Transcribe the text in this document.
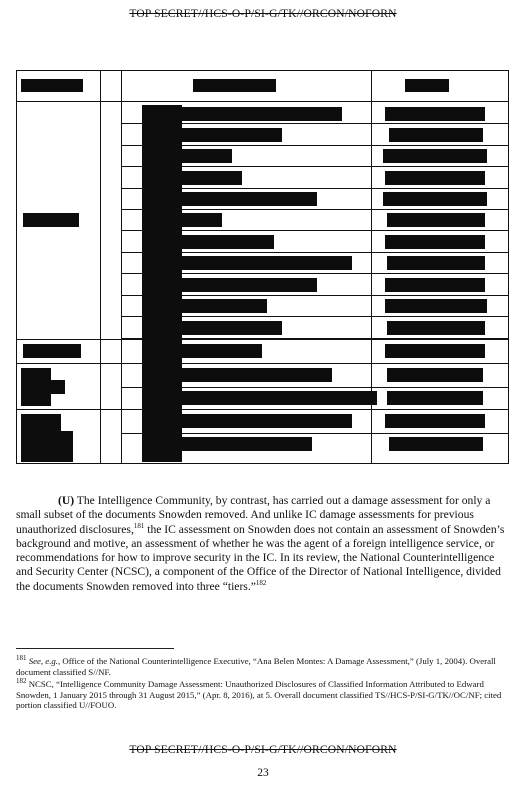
TOP SECRET//HCS-O-P/SI-G/TK//ORCON/NOFORN

(U) The Intelligence Community, by contrast, has carried out a damage assessment for only a small subset of the documents Snowden removed. And unlike IC damage assessments for previous unauthorized disclosures,$^{181}$ the IC assessment on Snowden does not contain an assessment of Snowden’s background and motive, an assessment of whether he was the agent of a foreign intelligence service, or recommendations for how to improve security in the IC. In its review, the National Counterintelligence and Security Center (NCSC), a component of the Office of the Director of National Intelligence, divided the documents Snowden removed into three “tiers.”$^{182}$

$^{181}$ See, e.g., Office of the National Counterintelligence Executive, “Ana Belen Montes: A Damage Assessment,” (July 1, 2004). Overall document classified S//NF.

$^{182}$ NCSC, “Intelligence Community Damage Assessment: Unauthorized Disclosures of Classified Information Attributed to Edward Snowden, 1 January 2015 through 31 August 2015,” (Apr. 8, 2016), at 5. Overall document classified TS//HCS-P/SI-G/TK//OC/NF; cited portion classified U//FOUO.

TOP SECRET//HCS-O-P/SI-G/TK//ORCON/NOFORN
23
